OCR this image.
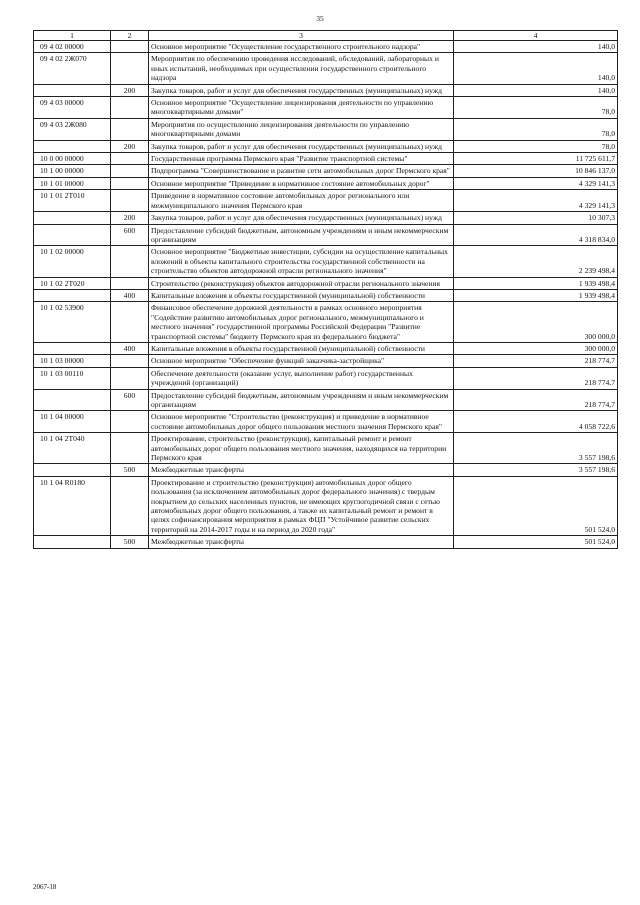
35
1	2	3	4
09 4 02 00000		Основное мероприятие "Осуществление государственного строительного надзора"	140,0
09 4 02 2Ж070		Мероприятия по обеспечению проведения исследований, обследований, лабораторных и иных испытаний, необходимых при осуществлении государственного строительного надзора	140,0
	200	Закупка товаров, работ и услуг для обеспечения государственных (муниципальных) нужд	140,0
09 4 03 00000		Основное мероприятие "Осуществление лицензирования деятельности по управлению многоквартирными домами"	78,0
09 4 03 2Ж080		Мероприятия по осуществлению лицензирования деятельности по управлению многоквартирными домами	78,0
	200	Закупка товаров, работ и услуг для обеспечения государственных (муниципальных) нужд	78,0
10 0 00 00000		Государственная программа Пермского края "Развитие транспортной системы"	11 725 611,7
10 1 00 00000		Подпрограмма "Совершенствование и развитие сети автомобильных дорог Пермского края"	10 846 137,0
10 1 01 00000		Основное мероприятие "Приведение в нормативное состояние автомобильных дорог"	4 329 141,3
10 1 01 2Т010		Приведение в нормативное состояние автомобильных дорог регионального или межмуниципального значения Пермского края	4 329 141,3
	200	Закупка товаров, работ и услуг для обеспечения государственных (муниципальных) нужд	10 307,3
	600	Предоставление субсидий бюджетным, автономным учреждениям и иным некоммерческим организациям	4 318 834,0
10 1 02 00000		Основное мероприятие "Бюджетные инвестиции, субсидии на осуществление капитальных вложений в объекты капитального строительства государственной собственности на строительство объектов автодорожной отрасли регионального значения"	2 239 498,4
10 1 02 2Т020		Строительство (реконструкция) объектов автодорожной отрасли регионального значения	1 939 498,4
	400	Капитальные вложения в объекты государственной (муниципальной) собственности	1 939 498,4
10 1 02 53900		Финансовое обеспечение дорожной деятельности в рамках основного мероприятия "Содействие развитию автомобильных дорог регионального, межмуниципального и местного значения" государственной программы Российской Федерации "Развитие транспортной системы" бюджету Пермского края из федерального бюджета"	300 000,0
	400	Капитальные вложения в объекты государственной (муниципальной) собственности	300 000,0
10 1 03 00000		Основное мероприятие "Обеспечение функций заказчика-застройщика"	218 774,7
10 1 03 00110		Обеспечение деятельности (оказание услуг, выполнение работ) государственных учреждений (организаций)	218 774,7
	600	Предоставление субсидий бюджетным, автономным учреждениям и иным некоммерческим организациям	218 774,7
10 1 04 00000		Основное мероприятие "Строительство (реконструкция) и приведение в нормативное состояние автомобильных дорог общего пользования местного значения Пермского края"	4 058 722,6
10 1 04 2Т040		Проектирование, строительство (реконструкция), капитальный ремонт и ремонт автомобильных дорог общего пользования местного значения, находящихся на территории Пермского края	3 557 198,6
	500	Межбюджетные трансферты	3 557 198,6
10 1 04 R0180		Проектирование и строительство (реконструкция) автомобильных дорог общего пользования (за исключением автомобильных дорог федерального значения) с твердым покрытием до сельских населенных пунктов, не имеющих круглогодичной связи с сетью автомобильных дорог общего пользования, а также их капитальный ремонт и ремонт в целях софинансирования мероприятия в рамках ФЦП "Устойчивое развитие сельских территорий на 2014-2017 годы и на период до 2020 года"	501 524,0
	500	Межбюджетные трансферты	501 524,0
2067-18
